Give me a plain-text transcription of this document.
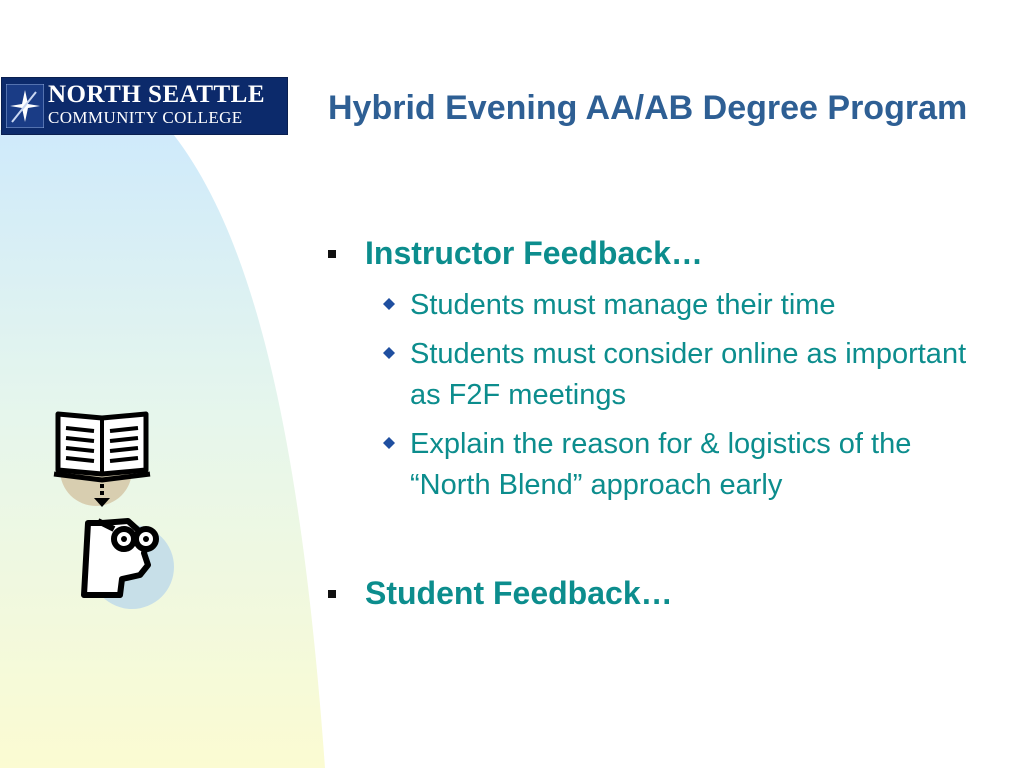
NORTH SEATTLE
COMMUNITY COLLEGE	Hybrid Evening AA/AB Degree Program
Instructor Feedback…
Students must manage their time
Students must consider online as important as F2F meetings
Explain the reason for & logistics of the “North Blend” approach early
Student Feedback…
